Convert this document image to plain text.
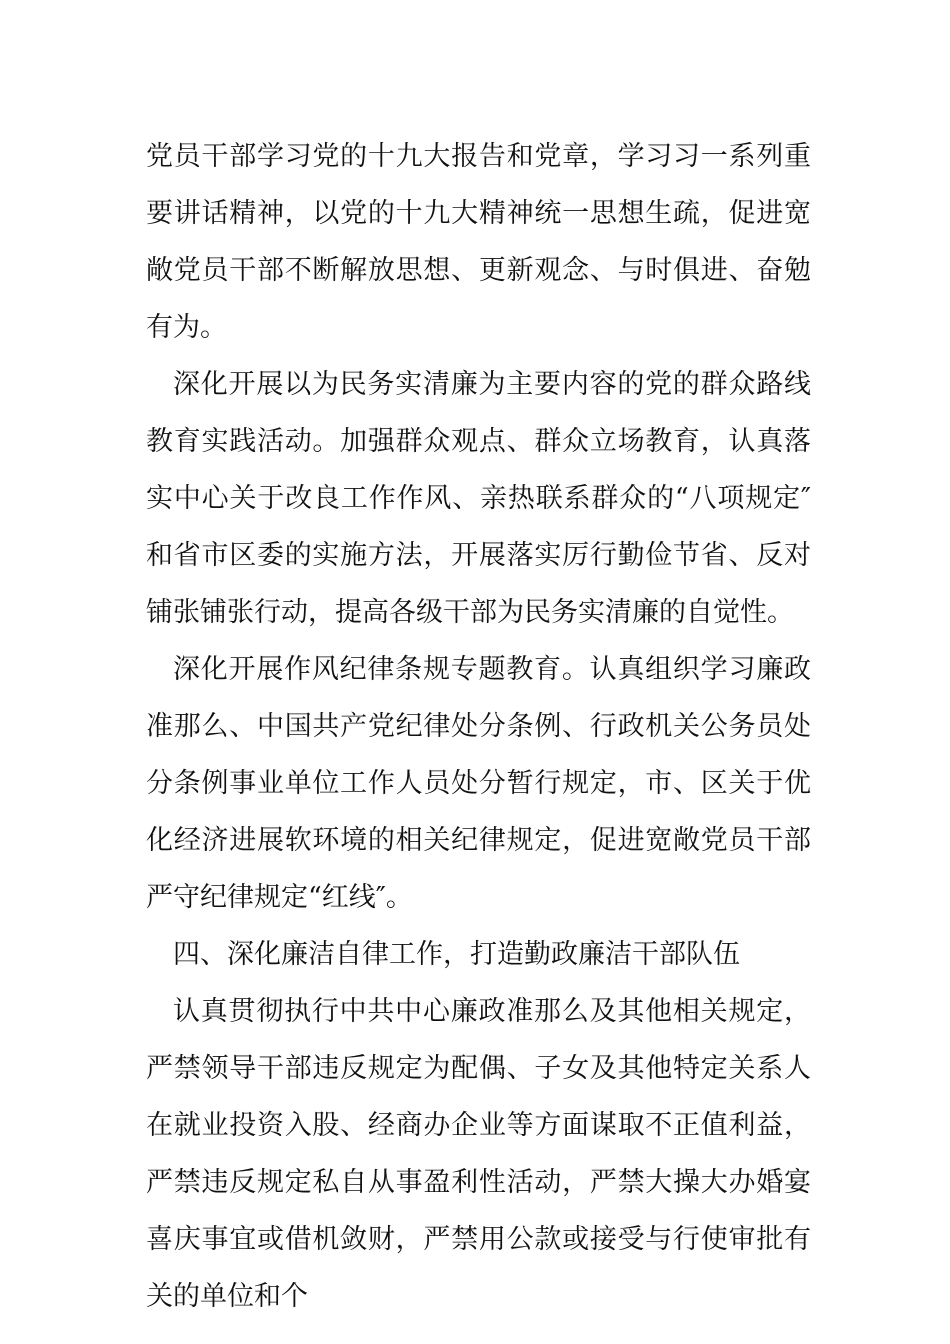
党员干部学习党的十九大报告和党章，学习习一系列重要讲话精神，以党的十九大精神统一思想生疏，促进宽敞党员干部不断解放思想、更新观念、与时俱进、奋勉有为。

深化开展以为民务实清廉为主要内容的党的群众路线教育实践活动。加强群众观点、群众立场教育，认真落实中心关于改良工作作风、亲热联系群众的“八项规定″和省市区委的实施方法，开展落实厉行勤俭节省、反对铺张铺张行动，提高各级干部为民务实清廉的自觉性。

深化开展作风纪律条规专题教育。认真组织学习廉政准那么、中国共产党纪律处分条例、行政机关公务员处分条例事业单位工作人员处分暂行规定，市、区关于优化经济进展软环境的相关纪律规定，促进宽敞党员干部严守纪律规定“红线″。

四、深化廉洁自律工作，打造勤政廉洁干部队伍

认真贯彻执行中共中心廉政准那么及其他相关规定，严禁领导干部违反规定为配偶、子女及其他特定关系人在就业投资入股、经商办企业等方面谋取不正值利益，严禁违反规定私自从事盈利性活动，严禁大操大办婚宴喜庆事宜或借机敛财，严禁用公款或接受与行使审批有关的单位和个
